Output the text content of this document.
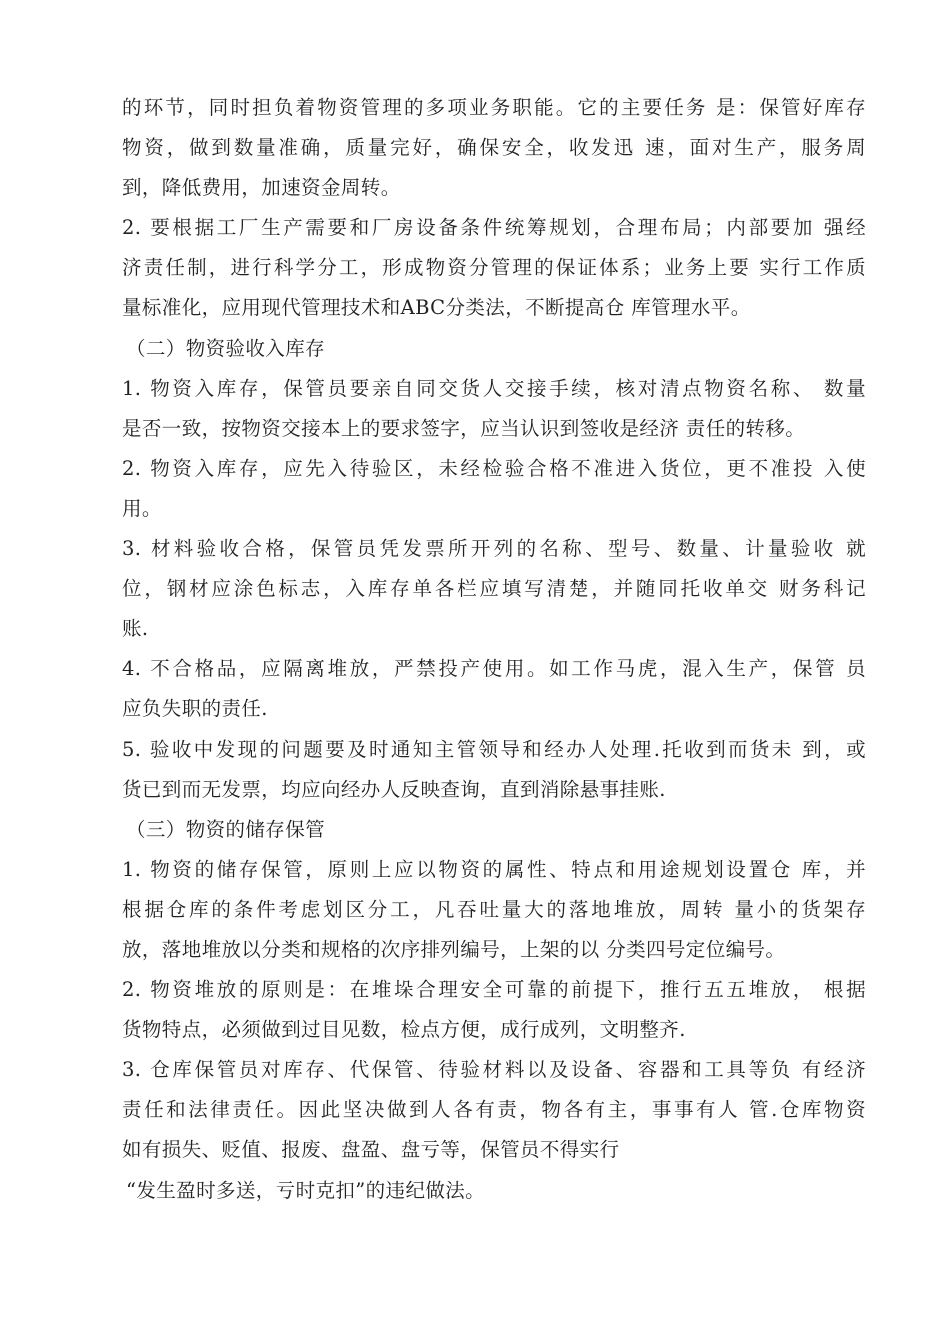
的环节，同时担负着物资管理的多项业务职能。它的主要任务 是：保管好库存
物资，做到数量准确，质量完好，确保安全，收发迅 速，面对生产，服务周
到，降低费用，加速资金周转。
2. 要根据工厂生产需要和厂房设备条件统筹规划，合理布局；内部要加 强经
济责任制，进行科学分工，形成物资分管理的保证体系；业务上要 实行工作质
量标准化，应用现代管理技术和ABC分类法，不断提高仓 库管理水平。
（二）物资验收入库存
1. 物资入库存，保管员要亲自同交货人交接手续，核对清点物资名称、 数量
是否一致，按物资交接本上的要求签字，应当认识到签收是经济 责任的转移。
2. 物资入库存，应先入待验区，未经检验合格不准进入货位，更不准投 入使
用。
3. 材料验收合格，保管员凭发票所开列的名称、型号、数量、计量验收 就
位，钢材应涂色标志，入库存单各栏应填写清楚，并随同托收单交 财务科记
账.
4. 不合格品，应隔离堆放，严禁投产使用。如工作马虎，混入生产，保管 员
应负失职的责任.
5. 验收中发现的问题要及时通知主管领导和经办人处理.托收到而货未 到，或
货已到而无发票，均应向经办人反映查询，直到消除悬事挂账.
（三）物资的储存保管
1. 物资的储存保管，原则上应以物资的属性、特点和用途规划设置仓 库，并
根据仓库的条件考虑划区分工，凡吞吐量大的落地堆放，周转 量小的货架存
放，落地堆放以分类和规格的次序排列编号，上架的以 分类四号定位编号。
2. 物资堆放的原则是：在堆垛合理安全可靠的前提下，推行五五堆放， 根据
货物特点，必须做到过目见数，检点方便，成行成列，文明整齐.
3. 仓库保管员对库存、代保管、待验材料以及设备、容器和工具等负 有经济
责任和法律责任。因此坚决做到人各有责，物各有主，事事有人 管.仓库物资
如有损失、贬值、报废、盘盈、盘亏等，保管员不得实行
“发生盈时多送，亏时克扣”的违纪做法。
